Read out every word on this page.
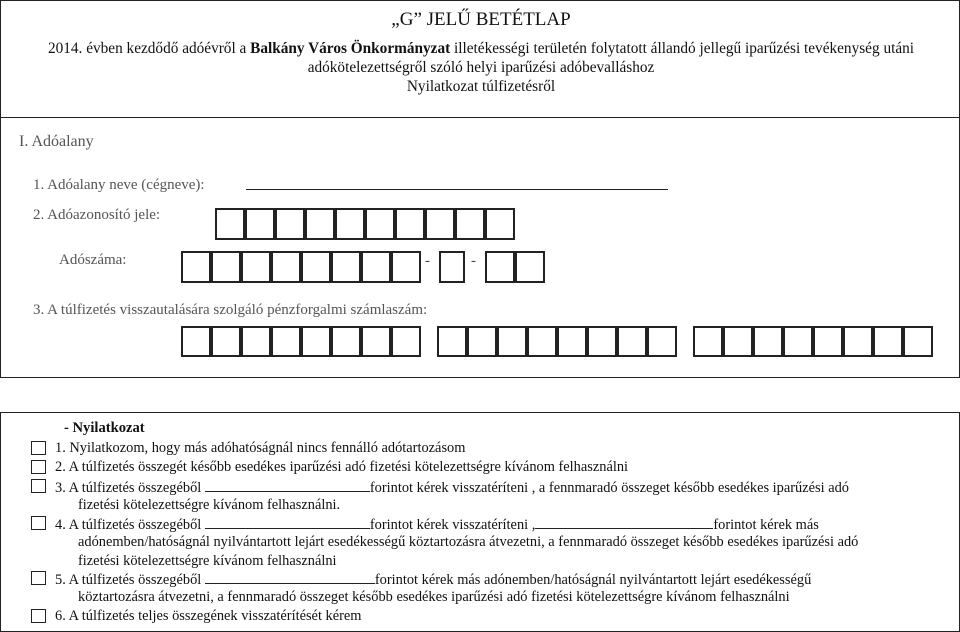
„G” JELŰ BETÉTLAP
2014. évben kezdődő adóévről a Balkány Város Önkormányzat illetékességi területén folytatott állandó jellegű iparűzési tevékenység utáni
adókötelezettségről szóló helyi iparűzési adóbevalláshoz
Nyilatkozat túlfizetésről
I. Adóalany
1. Adóalany neve (cégneve):
2. Adóazonosító jele:
Adószáma:	-	-
3. A túlfizetés visszautalására szolgáló pénzforgalmi számlaszám:
- Nyilatkozat
1. Nyilatkozom, hogy más adóhatóságnál nincs fennálló adótartozásom
2. A túlfizetés összegét később esedékes iparűzési adó fizetési kötelezettségre kívánom felhasználni
3. A túlfizetés összegéből	forintot kérek visszatéríteni , a fennmaradó összeget később esedékes iparűzési adó
fizetési kötelezettségre kívánom felhasználni.
4. A túlfizetés összegéből	forintot kérek visszatéríteni ,	forintot kérek más
adónemben/hatóságnál nyilvántartott lejárt esedékességű köztartozásra átvezetni, a fennmaradó összeget később esedékes iparűzési adó
fizetési kötelezettségre kívánom felhasználni
5. A túlfizetés összegéből	forintot kérek más adónemben/hatóságnál nyilvántartott lejárt esedékességű
köztartozásra átvezetni, a fennmaradó összeget később esedékes iparűzési adó fizetési kötelezettségre kívánom felhasználni
6. A túlfizetés teljes összegének visszatérítését kérem
